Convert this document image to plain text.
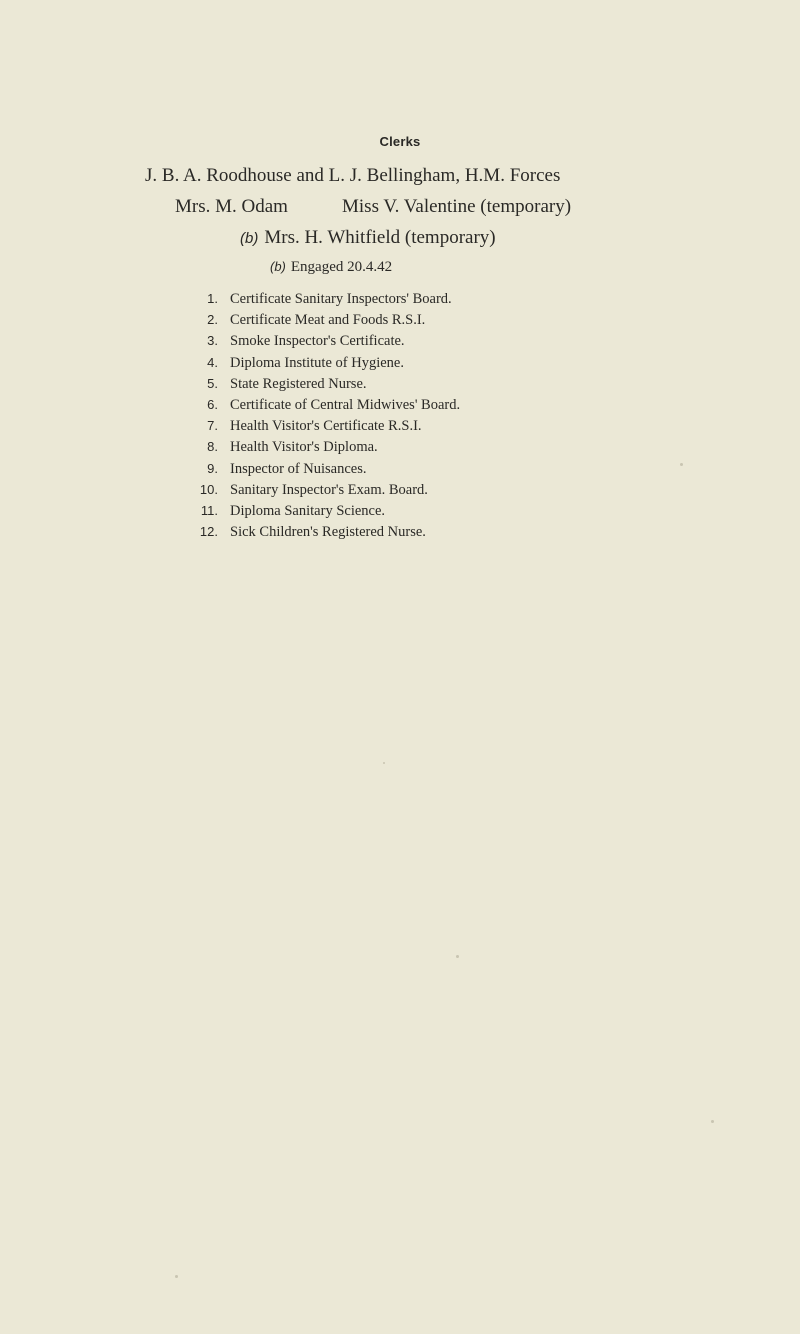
Clerks
J. B. A. Roodhouse and L. J. Bellingham, H.M. Forces
Mrs. M. Odam	Miss V. Valentine (temporary)
(b) Mrs. H. Whitfield (temporary)
(b) Engaged 20.4.42
1. Certificate Sanitary Inspectors' Board.
2. Certificate Meat and Foods R.S.I.
3. Smoke Inspector's Certificate.
4. Diploma Institute of Hygiene.
5. State Registered Nurse.
6. Certificate of Central Midwives' Board.
7. Health Visitor's Certificate R.S.I.
8. Health Visitor's Diploma.
9. Inspector of Nuisances.
10. Sanitary Inspector's Exam. Board.
11. Diploma Sanitary Science.
12. Sick Children's Registered Nurse.
